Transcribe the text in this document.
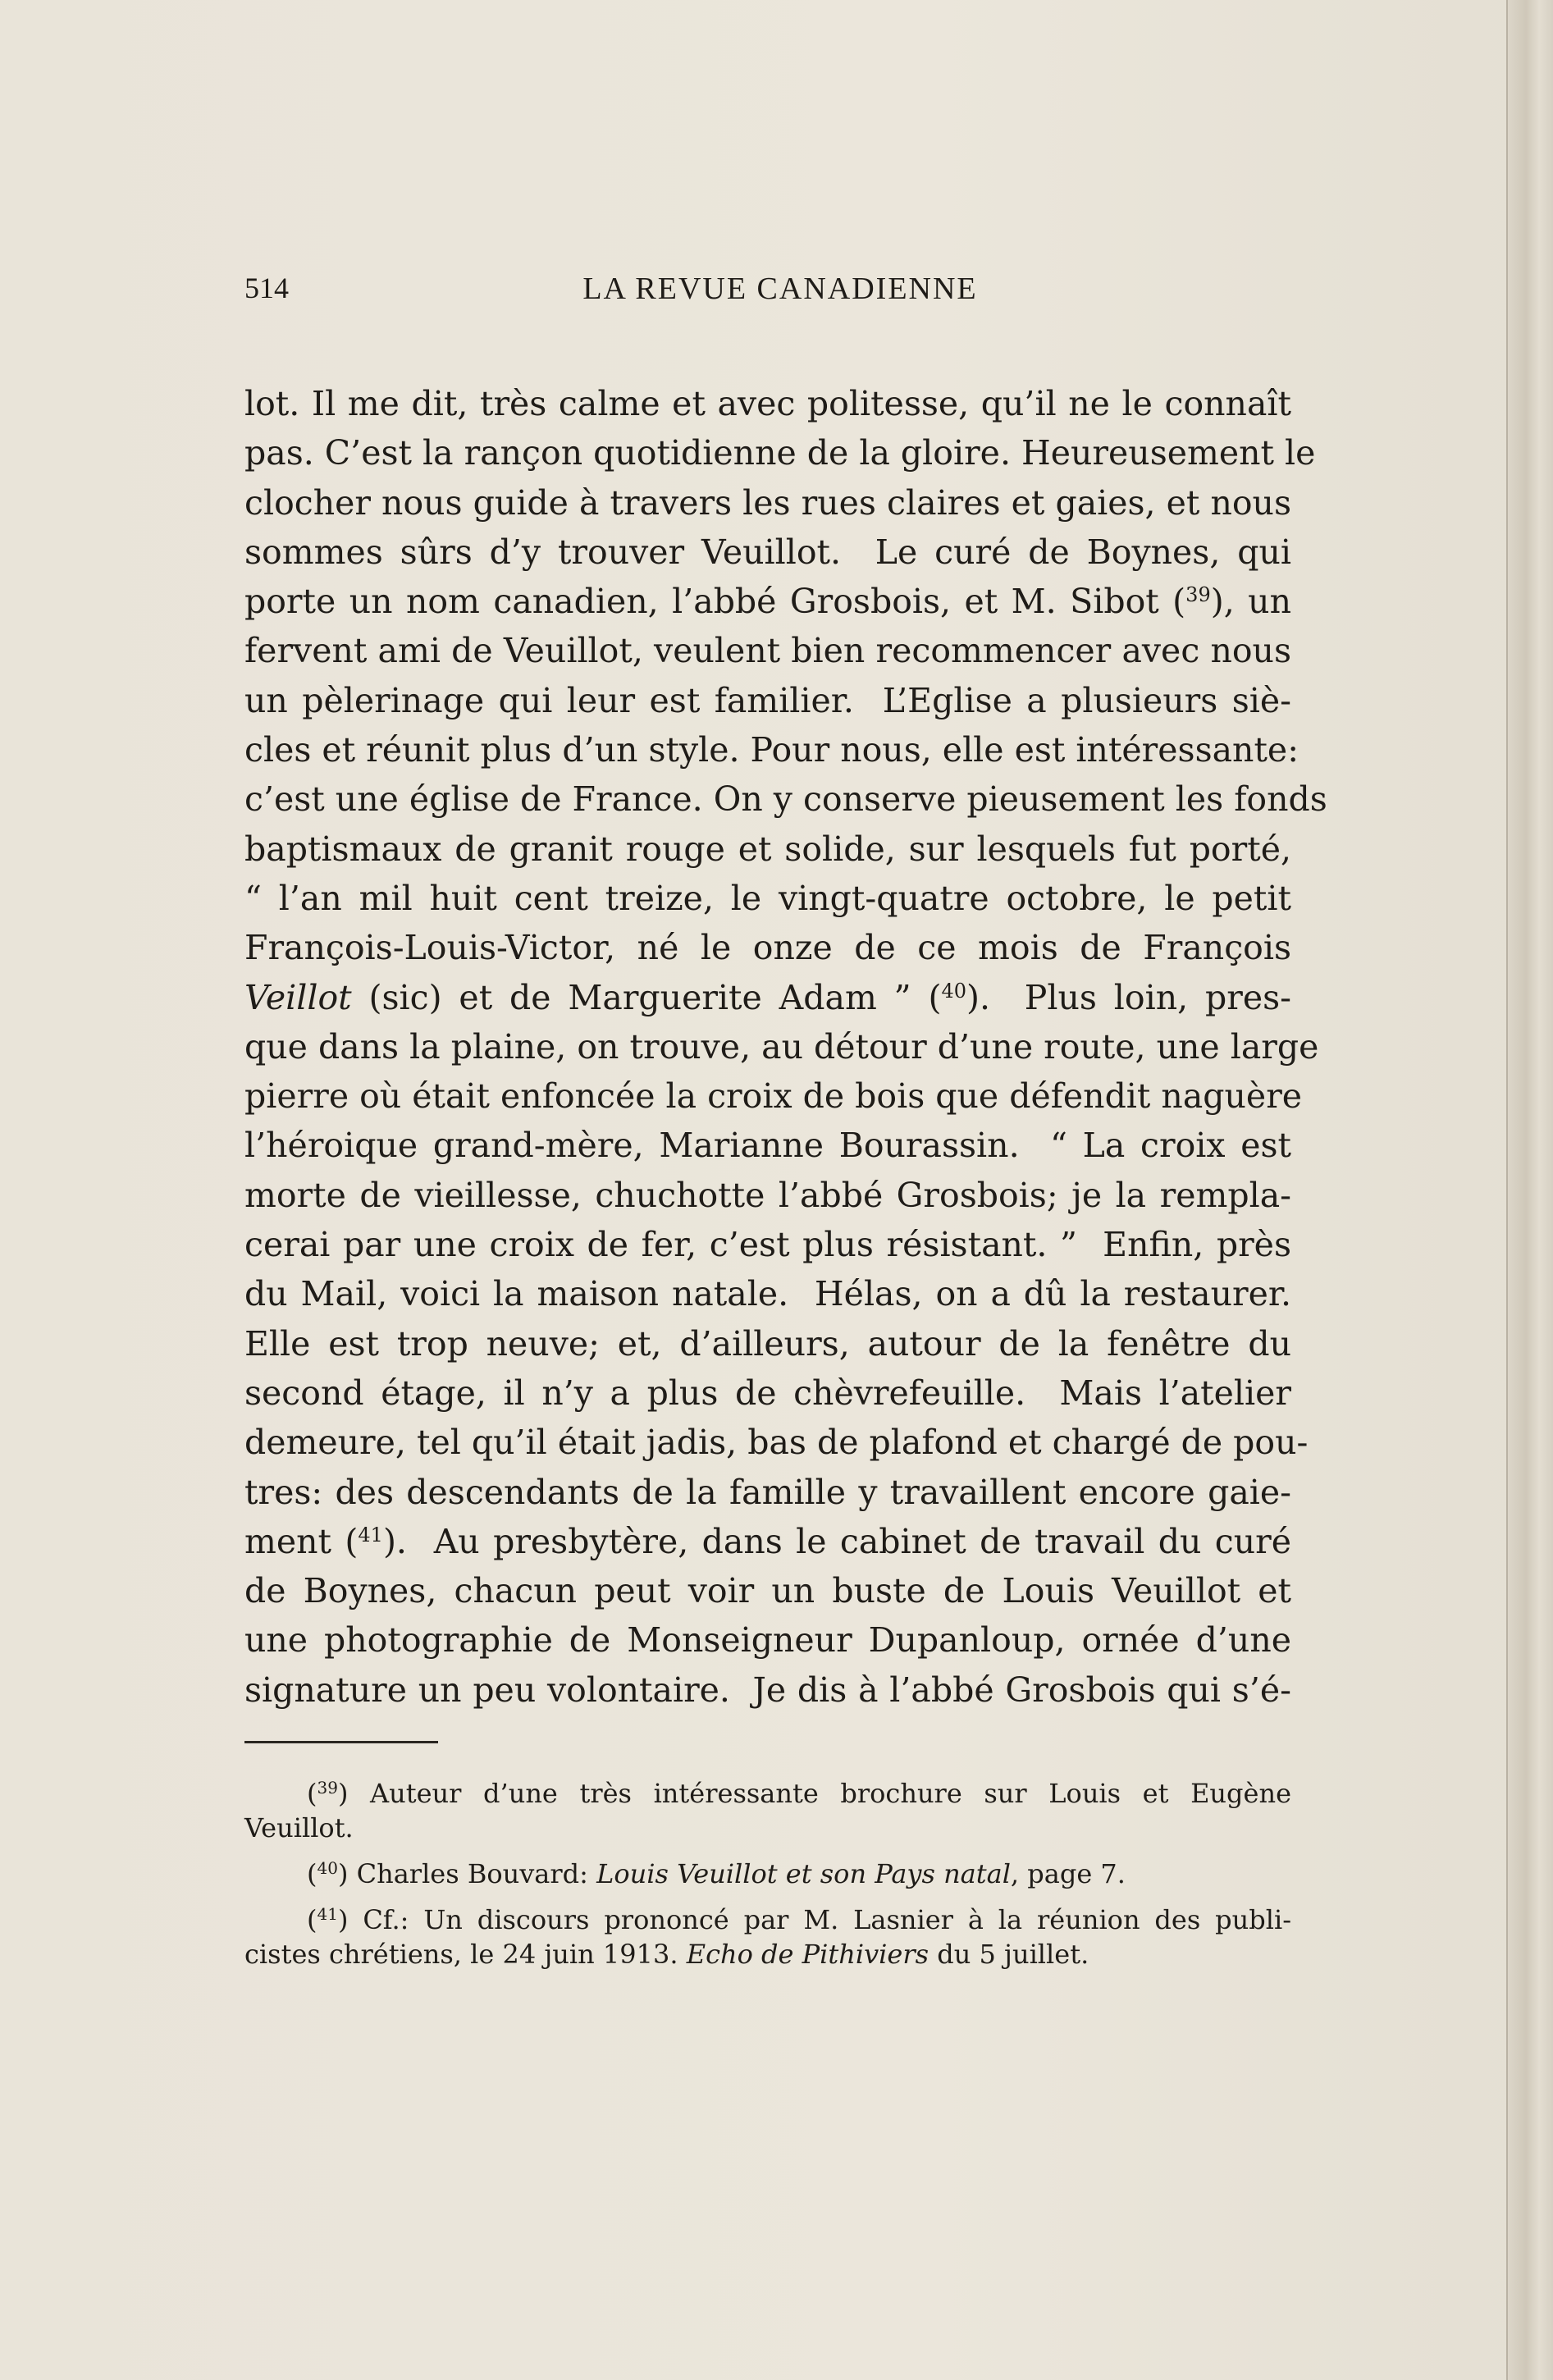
514	LA REVUE CANADIENNE
lot. Il me dit, très calme et avec politesse, qu’il ne le connaît
pas. C’est la rançon quotidienne de la gloire. Heureusement le
clocher nous guide à travers les rues claires et gaies, et nous
sommes sûrs d’y trouver Veuillot.  Le curé de Boynes, qui
porte un nom canadien, l’abbé Grosbois, et M. Sibot ($^{39}$), un
fervent ami de Veuillot, veulent bien recommencer avec nous
un pèlerinage qui leur est familier.  L’Eglise a plusieurs siè-
cles et réunit plus d’un style. Pour nous, elle est intéressante:
c’est une église de France. On y conserve pieusement les fonds
baptismaux de granit rouge et solide, sur lesquels fut porté,
“ l’an mil huit cent treize, le vingt-quatre octobre, le petit
François-Louis-Victor, né le onze de ce mois de François
Veillot (sic) et de Marguerite Adam ” ($^{40}$).  Plus loin, pres-
que dans la plaine, on trouve, au détour d’une route, une large
pierre où était enfoncée la croix de bois que défendit naguère
l’héroique grand-mère, Marianne Bourassin.  “ La croix est
morte de vieillesse, chuchotte l’abbé Grosbois; je la rempla-
cerai par une croix de fer, c’est plus résistant. ”  Enfin, près
du Mail, voici la maison natale.  Hélas, on a dû la restaurer.
Elle est trop neuve; et, d’ailleurs, autour de la fenêtre du
second étage, il n’y a plus de chèvrefeuille.  Mais l’atelier
demeure, tel qu’il était jadis, bas de plafond et chargé de pou-
tres: des descendants de la famille y travaillent encore gaie-
ment ($^{41}$).  Au presbytère, dans le cabinet de travail du curé
de Boynes, chacun peut voir un buste de Louis Veuillot et
une photographie de Monseigneur Dupanloup, ornée d’une
signature un peu volontaire.  Je dis à l’abbé Grosbois qui s’é-
($^{39}$) Auteur d’une très intéressante brochure sur Louis et Eugène
Veuillot.
($^{40}$) Charles Bouvard: Louis Veuillot et son Pays natal, page 7.
($^{41}$) Cf.: Un discours prononcé par M. Lasnier à la réunion des publi-
cistes chrétiens, le 24 juin 1913. Echo de Pithiviers du 5 juillet.
